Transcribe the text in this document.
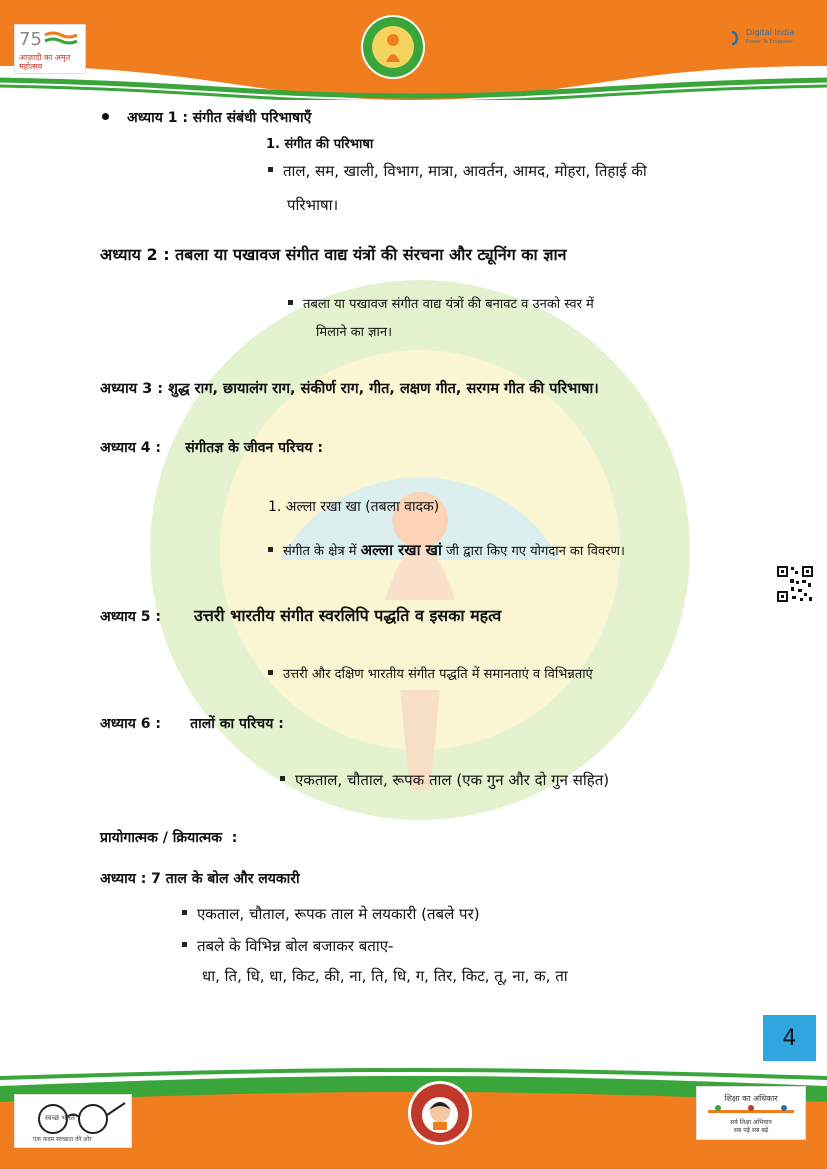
75
आज़ादी का अमृत महोत्सव
Digital India
Power To Empower
अध्याय 1 : संगीत संबंधी परिभाषाएँ
1. संगीत की परिभाषा
ताल, सम, खाली, विभाग, मात्रा, आवर्तन, आमद, मोहरा, तिहाई की
परिभाषा।
अध्याय 2 : तबला या पखावज संगीत वाद्य यंत्रों की संरचना और ट्यूनिंग का ज्ञान
तबला या पखावज संगीत वाद्य यंत्रों की बनावट व उनको स्वर में
मिलाने का ज्ञान।
अध्याय 3 : शुद्ध राग, छायालंग राग, संकीर्ण राग, गीत, लक्षण गीत, सरगम गीत की परिभाषा।
अध्याय 4 :     संगीतज्ञ के जीवन परिचय :
1. अल्ला रखा खा (तबला वादक)
संगीत के क्षेत्र में अल्ला रखा खां जी द्वारा किए गए योगदान का विवरण।
अध्याय 5 : उत्तरी भारतीय संगीत स्वरलिपि पद्धति व इसका महत्व
उत्तरी और दक्षिण भारतीय संगीत पद्धति में समानताएं व विभिन्नताएं
अध्याय 6 :      तालों का परिचय :
एकताल, चौताल, रूपक ताल (एक गुन और दो गुन सहित)
प्रायोगात्मक / क्रियात्मक  :
अध्याय : 7 ताल के बोल और लयकारी
एकताल, चौताल, रूपक ताल मे लयकारी (तबले पर)
तबले के विभिन्न बोल बजाकर बताए-
धा, ति, धि, धा, किट, की, ना, ति, धि, ग, तिर, किट, तू, ना, क, ता
4
स्वच्छ भारत
एक कदम स्वच्छता की ओर
शिक्षा का अधिकार
सर्व शिक्षा अभियान
सब पढ़ें सब बढ़ें
